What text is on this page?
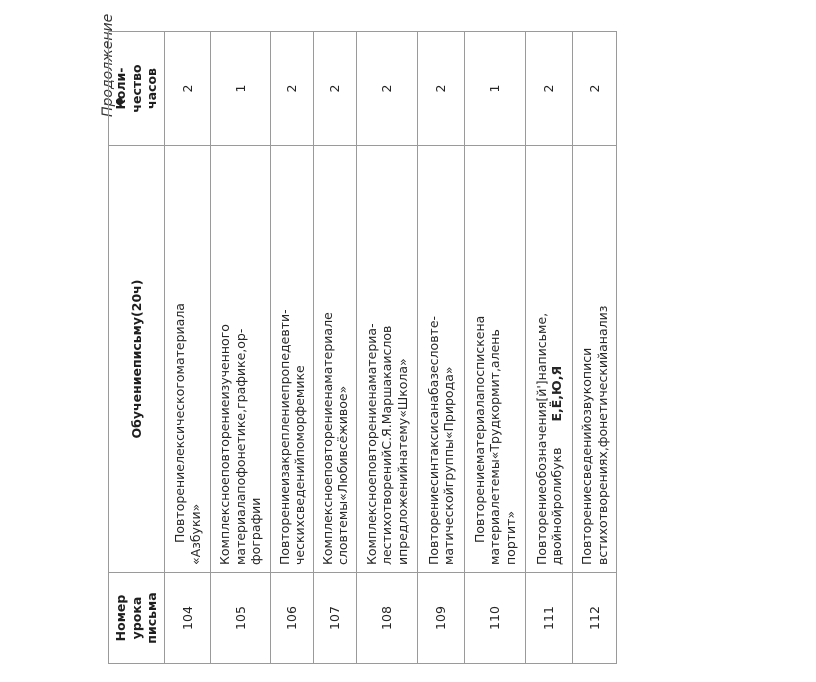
Продолжение
Номер
урока
письма	Обучениеписьму(20ч)	Коли-
чество
часов
104	Повторениелексическогоматериала «Азбуки»	2
105	Комплексноеповторениеизученного
материалапофонетике,графике,ор-
фографии	1
106	Повторениеизакреплениепропедевти-
ческихсведенийпоморфемике	2
107	Комплексноеповторениенаматериале
словтемы«Любивсёживое»	2
108	Комплексноеповторениенаматериа-
лестихотворенийС.Я.Маршакаислов
ипредложенийнатему«Школа»	2
109	Повторениесинтаксисанабазесловте-
матическойгруппы«Природа»	2
110	Повторениематериалапоспискена материалетемы«Трудкормит,алень
портит»	1
111	Повторениеобозначения[й']написьме,
двойнойролибуквЕ,Ё,Ю,Я	2
112	Повторениесведенийозвукописи
встихотворениях,фонетическийанализ	2
